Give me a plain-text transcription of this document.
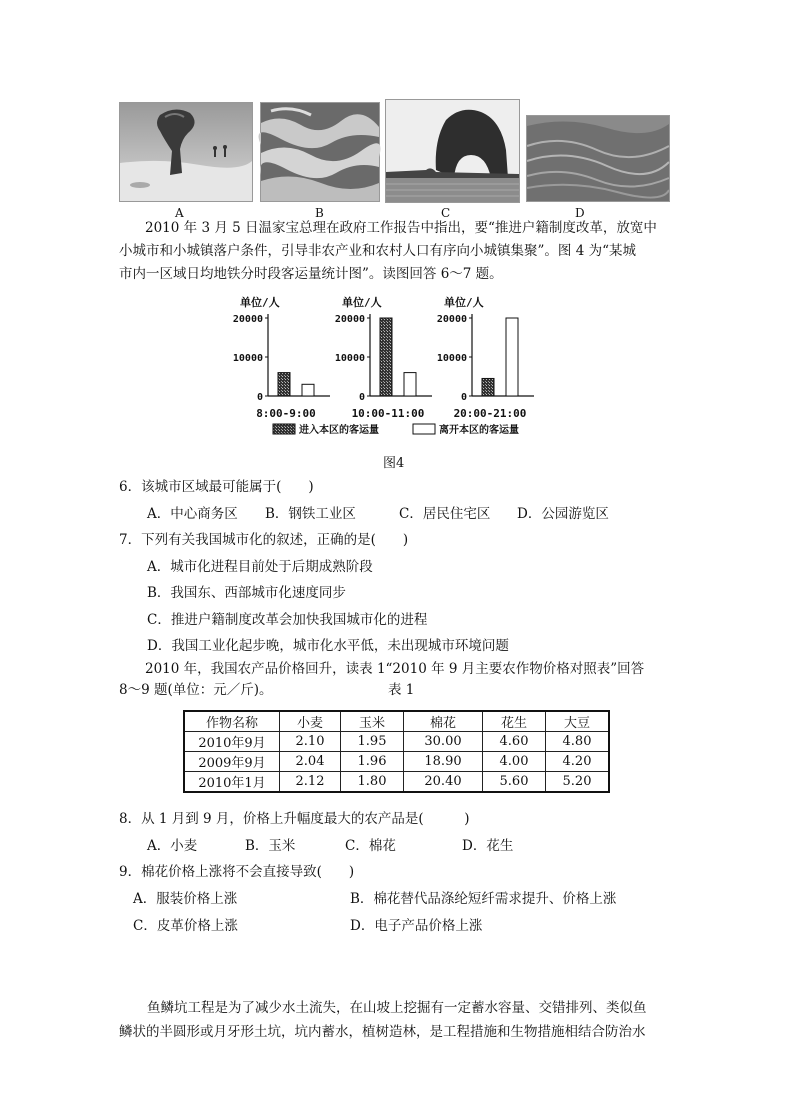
A	B	C	D
2010 年 3 月 5 日温家宝总理在政府工作报告中指出，要“推进户籍制度改革，放宽中
小城市和小城镇落户条件，引导非农产业和农村人口有序向小城镇集聚”。图 4 为“某城
市内一区域日均地铁分时段客运量统计图”。读图回答 6～7 题。
单位/人
20000
10000
0
8:00-9:00
单位/人
20000
10000
0
10:00-11:00
单位/人
20000
10000
0
20:00-21:00
进入本区的客运量	离开本区的客运量
图4
6．该城市区域最可能属于(　　)
A．中心商务区 B．钢铁工业区	C．居民住宅区 D．公园游览区
7．下列有关我国城市化的叙述，正确的是(　　)
A．城市化进程目前处于后期成熟阶段
B．我国东、西部城市化速度同步
C．推进户籍制度改革会加快我国城市化的进程
D．我国工业化起步晚，城市化水平低，未出现城市环境问题
2010 年，我国农产品价格回升，读表 1“2010 年 9 月主要农作物价格对照表”回答
8～9 题(单位：元／斤)。	表 1
作物名称	小麦	玉米	棉花	花生	大豆
2010年9月	2.10	1.95	30.00	4.60	4.80
2009年9月	2.04	1.96	18.90	4.00	4.20
2010年1月	2.12	1.80	20.40	5.60	5.20
8．从 1 月到 9 月，价格上升幅度最大的农产品是(　　　)
A．小麦	B．玉米	C．棉花	D．花生
9．棉花价格上涨将不会直接导致(　　)
A．服装价格上涨	B．棉花替代品涤纶短纤需求提升、价格上涨
C．皮革价格上涨	D．电子产品价格上涨
鱼鳞坑工程是为了减少水土流失，在山坡上挖掘有一定蓄水容量、交错排列、类似鱼
鳞状的半圆形或月牙形土坑，坑内蓄水，植树造林，是工程措施和生物措施相结合防治水
